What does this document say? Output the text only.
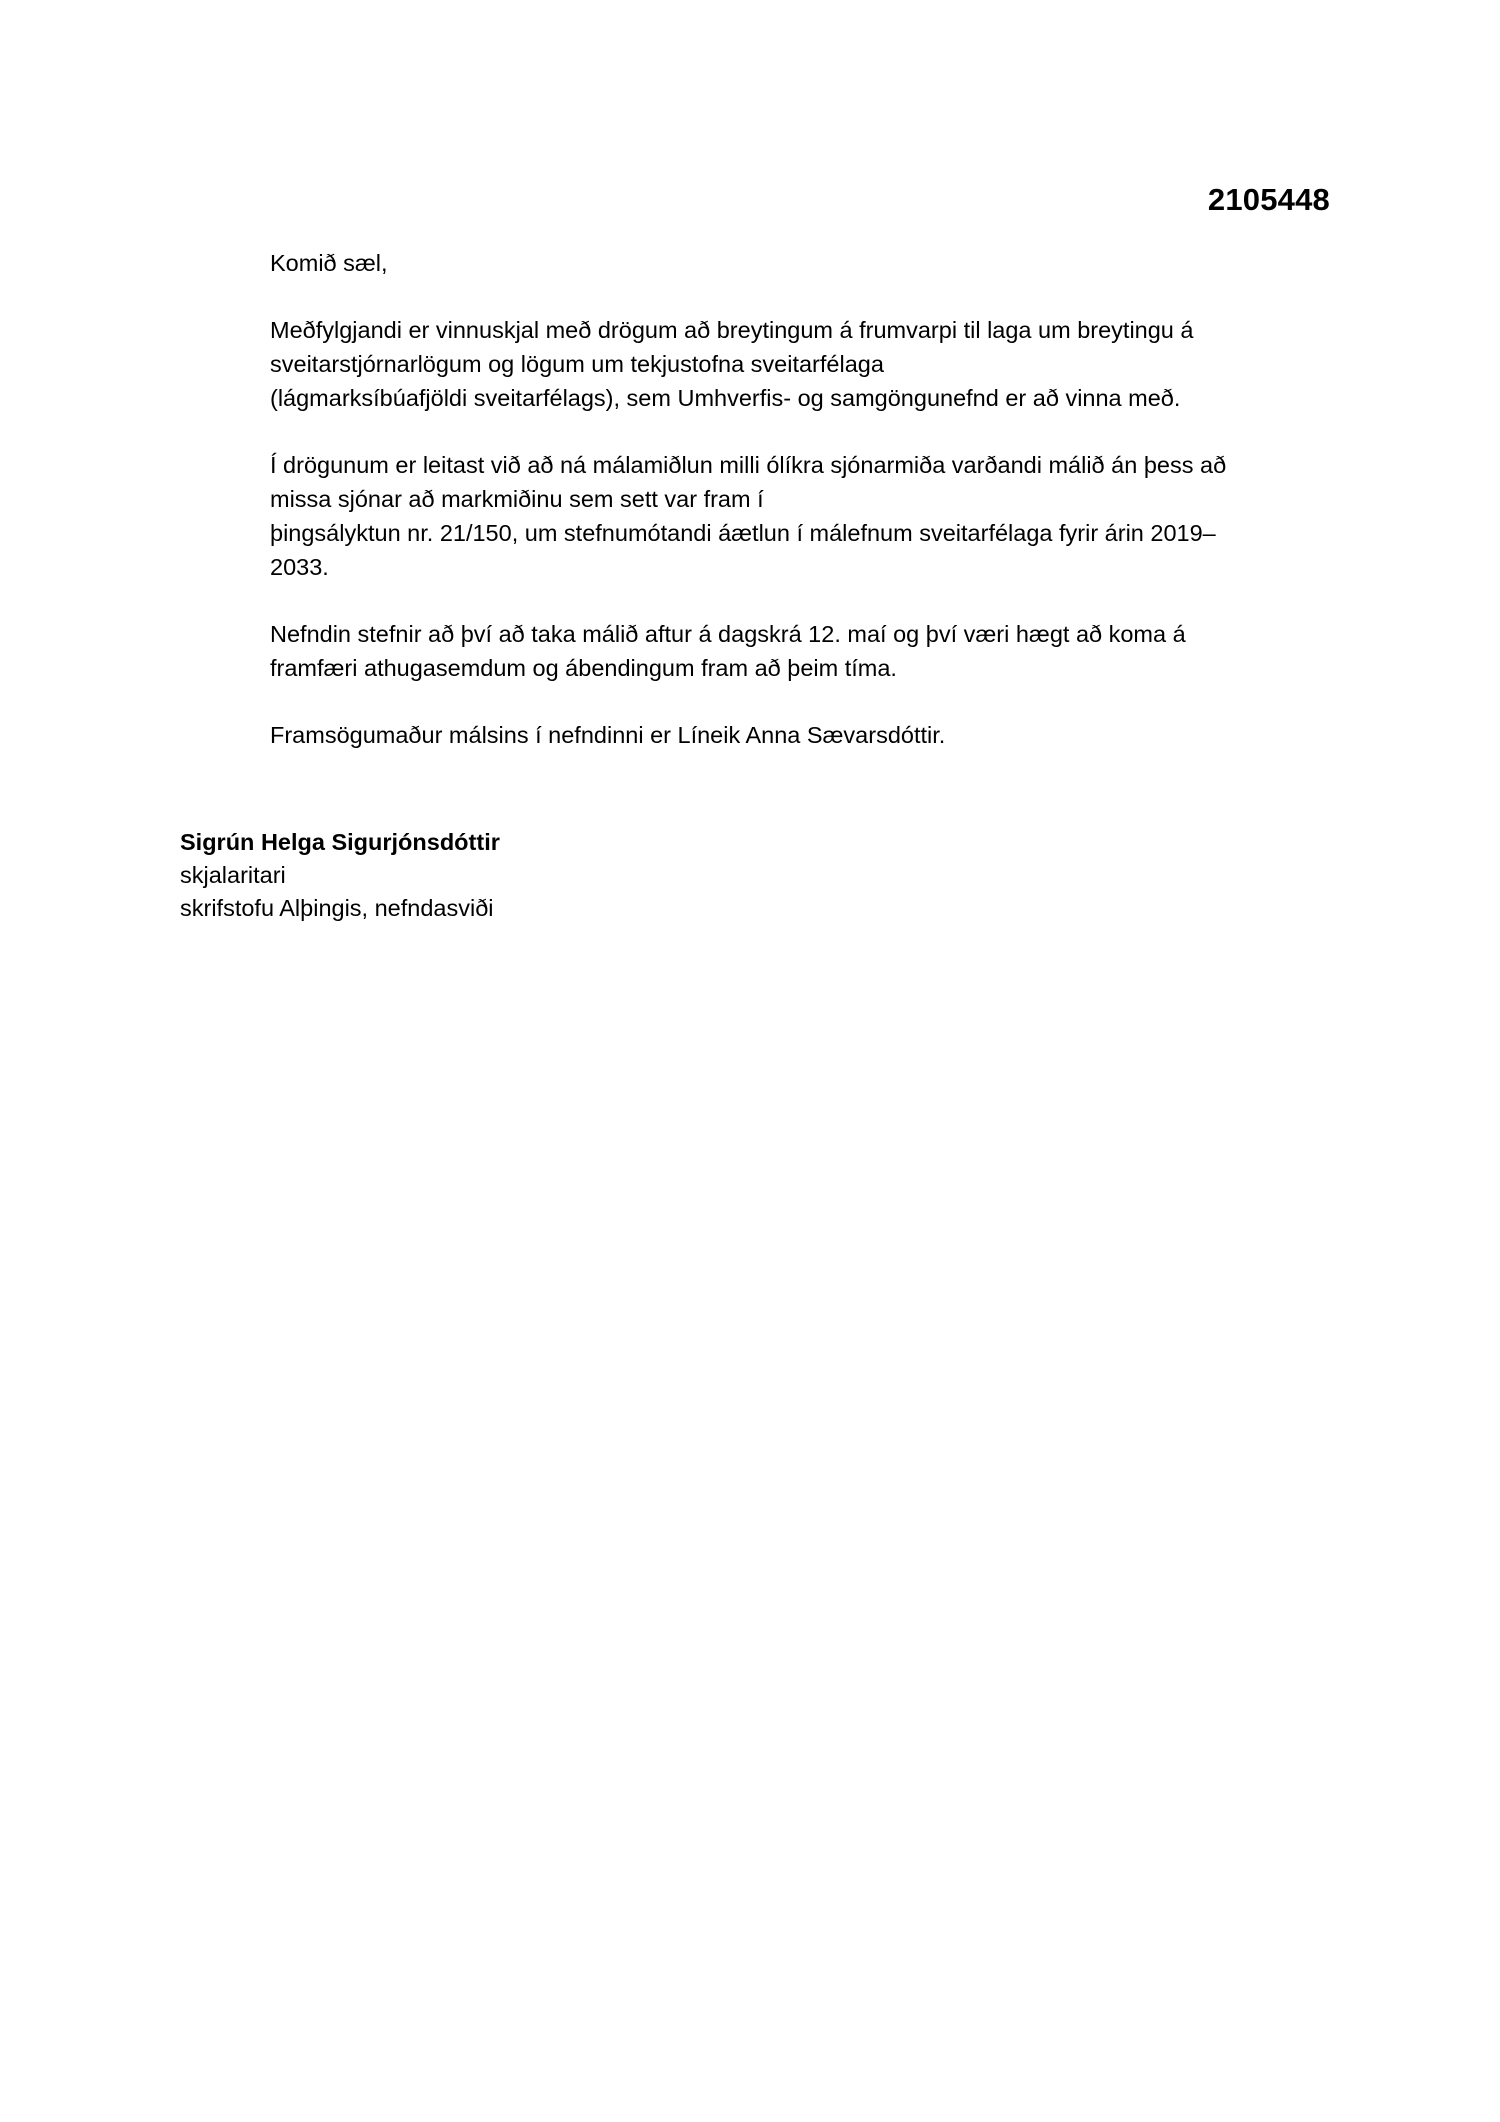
2105448

Komið sæl,

Meðfylgjandi er vinnuskjal með drögum að breytingum á frumvarpi til laga um breytingu á
sveitarstjórnarlögum og lögum um tekjustofna sveitarfélaga
(lágmarksíbúafjöldi sveitarfélags), sem Umhverfis- og samgöngunefnd er að vinna með.

Í drögunum er leitast við að ná málamiðlun milli ólíkra sjónarmiða varðandi málið án þess að
missa sjónar að markmiðinu sem sett var fram í
þingsályktun nr. 21/150, um stefnumótandi áætlun í málefnum sveitarfélaga fyrir árin 2019–
2033.

Nefndin stefnir að því að taka málið aftur á dagskrá 12. maí og því væri hægt að koma á
framfæri athugasemdum og ábendingum fram að þeim tíma.

Framsögumaður málsins í nefndinni er Líneik Anna Sævarsdóttir.

Sigrún Helga Sigurjónsdóttir
skjalaritari
skrifstofu Alþingis, nefndasviði
